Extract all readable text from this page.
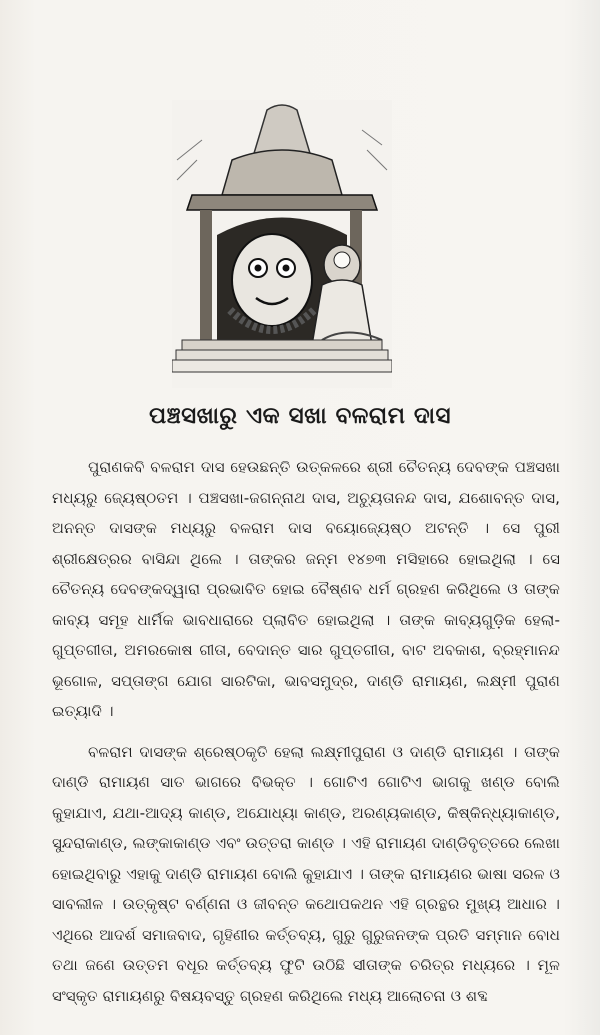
ପଞ୍ଚସଖାରୁ ଏକ ସଖା ବଳରାମ ଦାସ

ପୁରାଣକବି ବଳରାମ ଦାସ ହେଉଛନ୍ତି ଉତ୍କଳରେ ଶ୍ରୀ ଚୈତନ୍ୟ ଦେବଙ୍କ ପଞ୍ଚସଖା ମଧ୍ୟରୁ ଜ୍ୟେଷ୍ଠତମ । ପଞ୍ଚସଖା-ଜଗନ୍ନାଥ ଦାସ, ଅଚ୍ୟୁତାନନ୍ଦ ଦାସ, ଯଶୋବନ୍ତ ଦାସ, ଅନନ୍ତ ଦାସଙ୍କ ମଧ୍ୟରୁ ବଳରାମ ଦାସ ବୟୋଜ୍ୟେଷ୍ଠ ଅଟନ୍ତି । ସେ ପୁରୀ ଶ୍ରୀକ୍ଷେତ୍ରର ବାସିନ୍ଦା ଥିଲେ । ତାଙ୍କର ଜନ୍ମ ୧୪୭୩ ମସିହାରେ ହୋଇଥିଲା । ସେ ଚୈତନ୍ୟ ଦେବଙ୍କଦ୍ୱାରା ପ୍ରଭାବିତ ହୋଇ ବୈଷ୍ଣବ ଧର୍ମ ଗ୍ରହଣ କରିଥିଲେ ଓ ତାଙ୍କ କାବ୍ୟ ସମୂହ ଧାର୍ମିକ ଭାବଧାରାରେ ପ୍ଲାବିତ ହୋଇଥିଲା । ତାଙ୍କ କାବ୍ୟଗୁଡ଼ିକ ହେଲା-ଗୁପ୍ତଗୀତା, ଅମରକୋଷ ଗୀତା, ବେଦାନ୍ତ ସାର ଗୁପ୍ତଗୀତା, ବାଟ ଅବକାଶ, ବ୍ରହ୍ମାନନ୍ଦ ଭୂଗୋଳ, ସପ୍ତାଙ୍ଗ ଯୋଗ ସାରଟିକା, ଭାବସମୁଦ୍ର, ଦାଣ୍ଡି ରାମାୟଣ, ଲକ୍ଷ୍ମୀ ପୁରାଣ ଇତ୍ୟାଦି ।

ବଳରାମ ଦାସଙ୍କ ଶ୍ରେଷ୍ଠକୃତି ହେଲା ଲକ୍ଷ୍ମୀପୁରାଣ ଓ ଦାଣ୍ଡି ରାମାୟଣ । ତାଙ୍କ ଦାଣ୍ଡି ରାମାୟଣ ସାତ ଭାଗରେ ବିଭକ୍ତ । ଗୋଟିଏ ଗୋଟିଏ ଭାଗକୁ ଖଣ୍ଡ ବୋଲି କୁହାଯାଏ, ଯଥା-ଆଦ୍ୟ କାଣ୍ଡ, ଅଯୋଧ୍ୟା କାଣ୍ଡ, ଅରଣ୍ୟକାଣ୍ଡ, କିଷ୍କିନ୍ଧ୍ୟାକାଣ୍ଡ, ସୁନ୍ଦରାକାଣ୍ଡ, ଲଙ୍କାକାଣ୍ଡ ଏବଂ ଉତ୍ତରା କାଣ୍ଡ । ଏହି ରାମାୟଣ ଦାଣ୍ଡିବୃତ୍ତରେ ଲେଖା ହୋଇଥିବାରୁ ଏହାକୁ ଦାଣ୍ଡି ରାମାୟଣ ବୋଲି କୁହାଯାଏ । ତାଙ୍କ ରାମାୟଣର ଭାଷା ସରଳ ଓ ସାବଲୀଳ । ଉତ୍କୃଷ୍ଟ ବର୍ଣ୍ଣନା ଓ ଜୀବନ୍ତ କଥୋପକଥନ ଏହି ଗ୍ରନ୍ଥର ମୁଖ୍ୟ ଆଧାର । ଏଥିରେ ଆଦର୍ଶ ସମାଜବାଦ, ଗୃହିଣୀର କର୍ତ୍ତବ୍ୟ, ଗୁରୁ ଗୁରୁଜନଙ୍କ ପ୍ରତି ସମ୍ମାନ ବୋଧ ତଥା ଜଣେ ଉତ୍ତମ ବଧୂର କର୍ତ୍ତବ୍ୟ ଫୁଟି ଉଠିଛି ସୀତାଙ୍କ ଚରିତ୍ର ମଧ୍ୟରେ । ମୂଳ ସଂସ୍କୃତ ରାମାୟଣରୁ ବିଷୟବସ୍ତୁ ଗ୍ରହଣ କରିଥିଲେ ମଧ୍ୟ ଆଲୋଚନା ଓ ଶବ୍ଦ
